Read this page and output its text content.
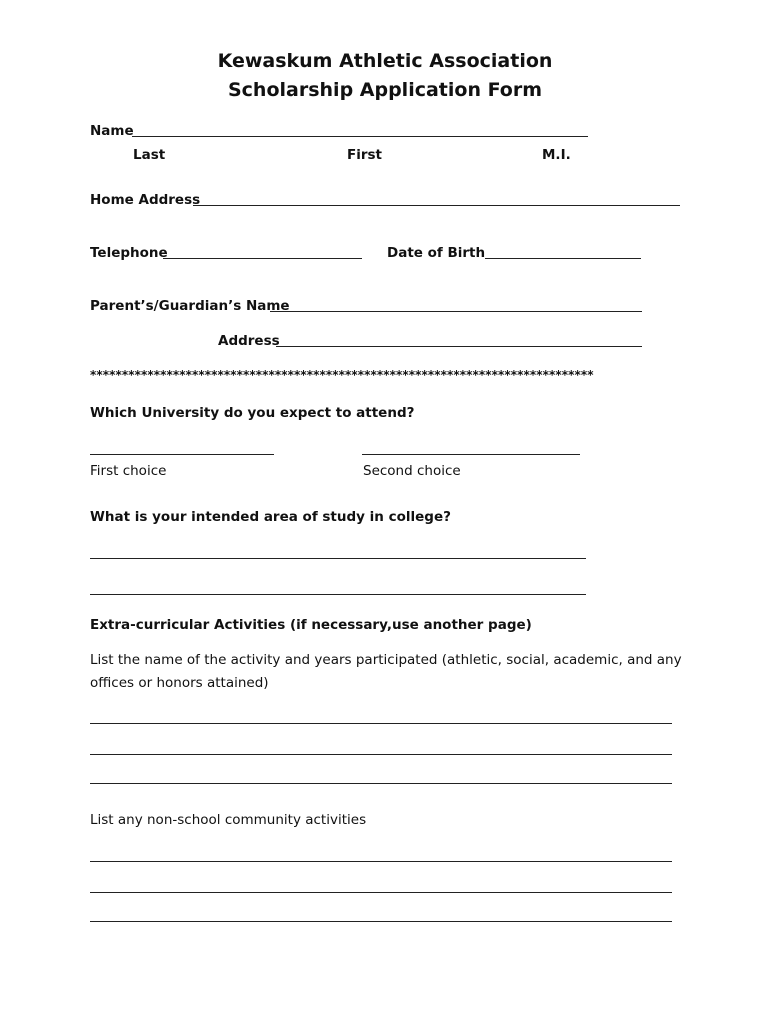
Kewaskum Athletic Association
Scholarship Application Form
Name
Last	First	M.I.
Home Address
Telephone	Date of Birth
Parent’s/Guardian’s Name
Address
*******************************************************************************
Which University do you expect to attend?
First choice	Second choice
What is your intended area of study in college?
Extra-curricular Activities (if necessary,use another page)
List the name of the activity and years participated (athletic, social, academic, and any
offices or honors attained)
List any non-school community activities
